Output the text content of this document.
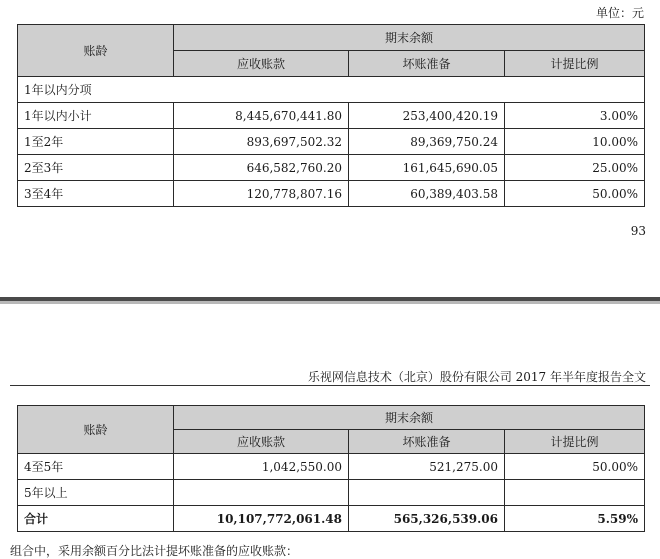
单位：元
账龄	期末余额		
	应收账款	坏账准备	计提比例
1年以内分项			
1年以内小计	8,445,670,441.80	253,400,420.19	3.00%
1至2年	893,697,502.32	89,369,750.24	10.00%
2至3年	646,582,760.20	161,645,690.05	25.00%
3至4年	120,778,807.16	60,389,403.58	50.00%
93
乐视网信息技术（北京）股份有限公司 2017 年半年度报告全文
账龄	期末余额		
	应收账款	坏账准备	计提比例
4至5年	1,042,550.00	521,275.00	50.00%
5年以上			
合计	10,107,772,061.48	565,326,539.06	5.59%
组合中，采用余额百分比法计提坏账准备的应收账款：
